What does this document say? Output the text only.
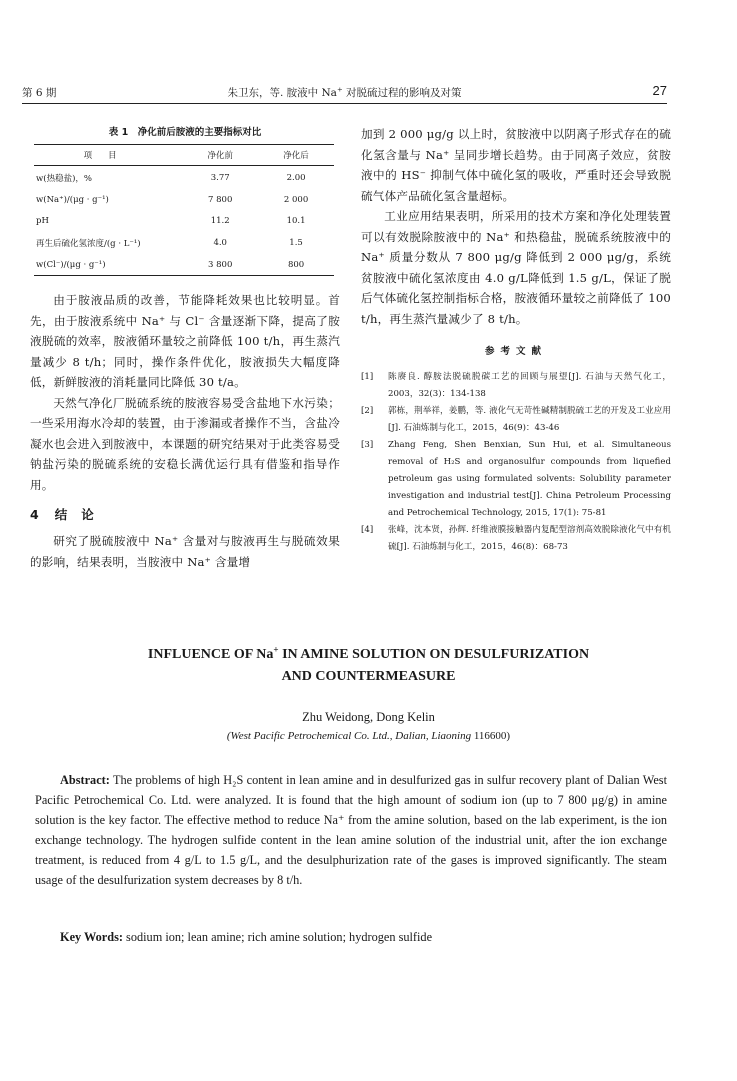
第 6 期	朱卫东，等. 胺液中 Na+ 对脱硫过程的影响及对策	27
表 1　净化前后胺液的主要指标对比
项目	净化前	净化后
w(热稳盐)，%	3.77	2.00
w(Na⁺)/(μg · g⁻¹)	7 800	2 000
pH	11.2	10.1
再生后硫化氢浓度/(g · L⁻¹)	4.0	1.5
w(Cl⁻)/(μg · g⁻¹)	3 800	800

由于胺液品质的改善，节能降耗效果也比较明显。首先，由于胺液系统中 Na⁺ 与 Cl⁻ 含量逐渐下降，提高了胺液脱硫的效率，胺液循环量较之前降低 100 t/h，再生蒸汽量减少 8 t/h；同时，操作条件优化，胺液损失大幅度降低，新鲜胺液的消耗量同比降低 30 t/a。

天然气净化厂脱硫系统的胺液容易受含盐地下水污染；一些采用海水冷却的装置，由于渗漏或者操作不当，含盐冷凝水也会进入到胺液中，本课题的研究结果对于此类容易受钠盐污染的脱硫系统的安稳长满优运行具有借鉴和指导作用。

4 结论

研究了脱硫胺液中 Na⁺ 含量对与胺液再生与脱硫效果的影响，结果表明，当胺液中 Na⁺ 含量增

加到 2 000 μg/g 以上时，贫胺液中以阴离子形式存在的硫化氢含量与 Na⁺ 呈同步增长趋势。由于同离子效应，贫胺液中的 HS⁻ 抑制气体中硫化氢的吸收，严重时还会导致脱硫气体产品硫化氢含量超标。

工业应用结果表明，所采用的技术方案和净化处理装置可以有效脱除胺液中的 Na⁺ 和热稳盐，脱硫系统胺液中的 Na⁺ 质量分数从 7 800 μg/g 降低到 2 000 μg/g，系统贫胺液中硫化氢浓度由 4.0 g/L降低到 1.5 g/L，保证了脱后气体硫化氢控制指标合格，胺液循环量较之前降低了 100 t/h，再生蒸汽量减少了 8 t/h。

参考文献
[1]	陈赓良. 醇胺法脱硫脱碳工艺的回顾与展望[J]. 石油与天然气化工，2003，32(3)：134-138
[2]	郭栋，荆举祥，姜鹏，等. 液化气无苛性碱精制脱硫工艺的开发及工业应用[J]. 石油炼制与化工，2015，46(9)：43-46
[3]	Zhang Feng, Shen Benxian, Sun Hui, et al. Simultaneous removal of H₂S and organosulfur compounds from liquefied petroleum gas using formulated solvents: Solubility parameter investigation and industrial test[J]. China Petroleum Processing and Petrochemical Technology, 2015, 17(1): 75-81
[4]	张峰，沈本贤，孙辉. 纤维液膜接触器内复配型溶剂高效脱除液化气中有机硫[J]. 石油炼制与化工，2015，46(8)：68-73
INFLUENCE OF Na+ IN AMINE SOLUTION ON DESULFURIZATION
AND COUNTERMEASURE
Zhu Weidong, Dong Kelin
(West Pacific Petrochemical Co. Ltd., Dalian, Liaoning 116600)
Abstract: The problems of high H₂S content in lean amine and in desulfurized gas in sulfur recovery plant of Dalian West Pacific Petrochemical Co. Ltd. were analyzed. It is found that the high amount of sodium ion (up to 7 800 μg/g) in amine solution is the key factor. The effective method to reduce Na⁺ from the amine solution, based on the lab experiment, is the ion exchange technology. The hydrogen sulfide content in the lean amine solution of the industrial unit, after the ion exchange treatment, is reduced from 4 g/L to 1.5 g/L, and the desulphurization rate of the gases is improved significantly. The steam usage of the desulfurization system decreases by 8 t/h.
Key Words: sodium ion; lean amine; rich amine solution; hydrogen sulfide
